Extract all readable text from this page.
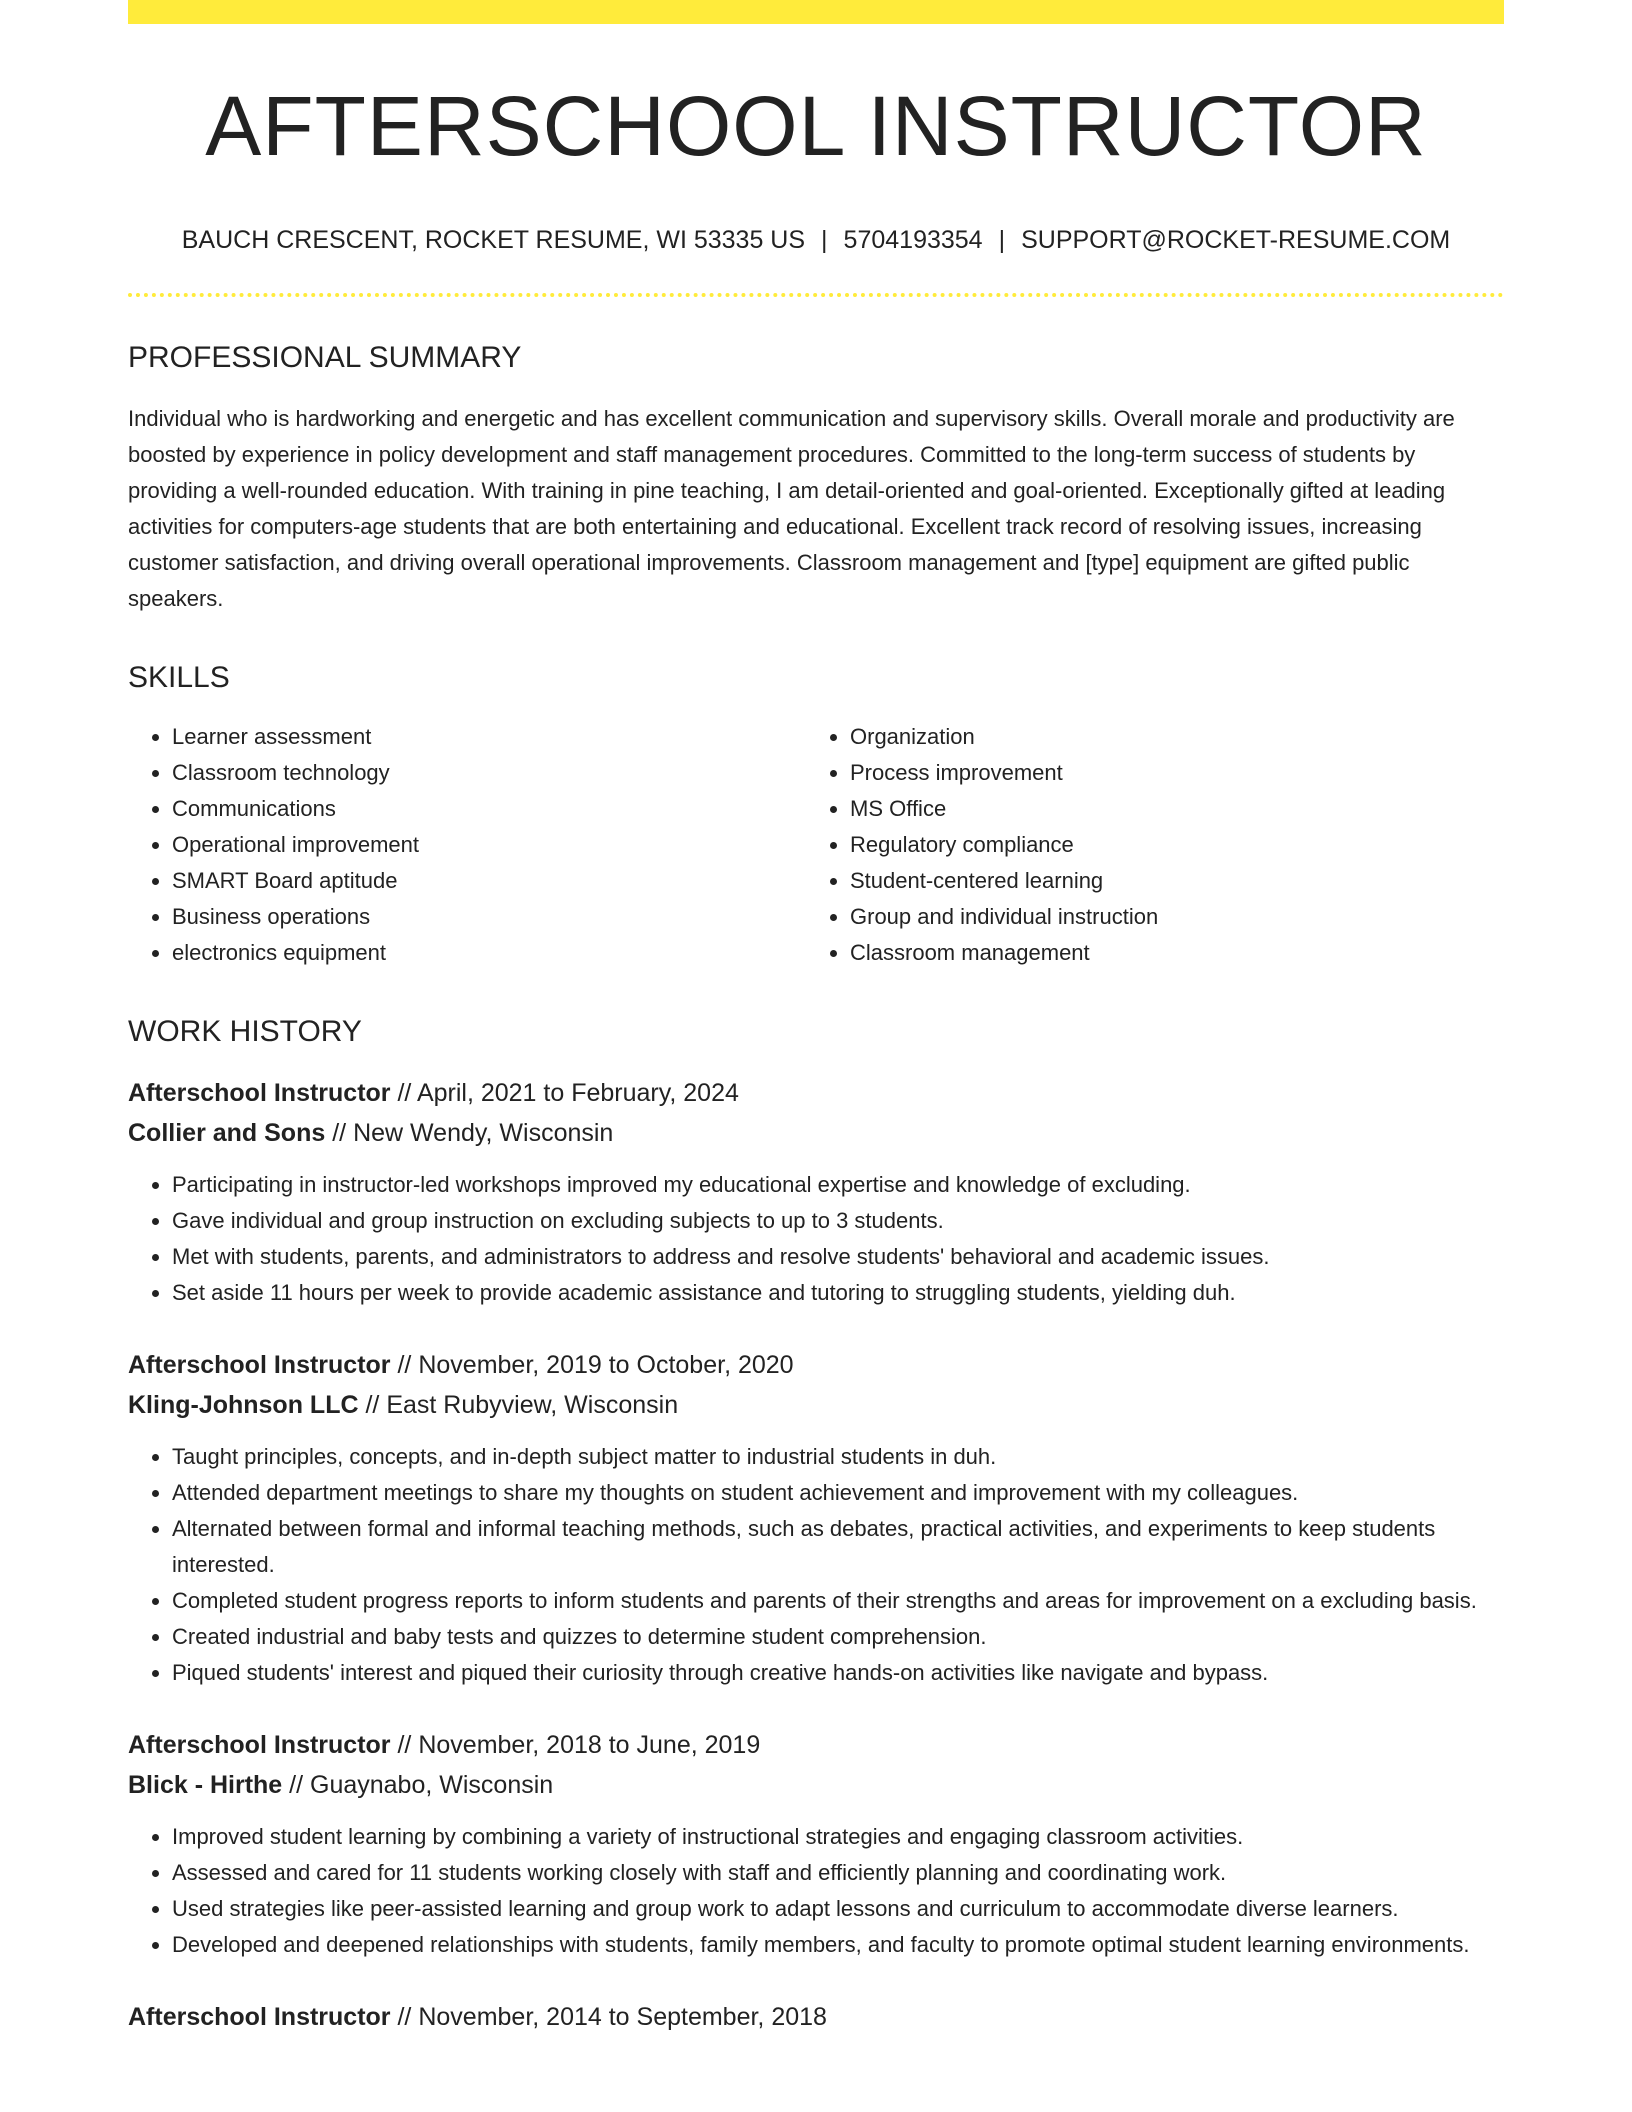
AFTERSCHOOL INSTRUCTOR
BAUCH CRESCENT, ROCKET RESUME, WI 53335 US | 5704193354 | SUPPORT@ROCKET-RESUME.COM
PROFESSIONAL SUMMARY

Individual who is hardworking and energetic and has excellent communication and supervisory skills. Overall morale and productivity are boosted by experience in policy development and staff management procedures. Committed to the long-term success of students by providing a well-rounded education. With training in pine teaching, I am detail-oriented and goal-oriented. Exceptionally gifted at leading activities for computers-age students that are both entertaining and educational. Excellent track record of resolving issues, increasing customer satisfaction, and driving overall operational improvements. Classroom management and [type] equipment are gifted public speakers.

SKILLS
• Learner assessment
• Classroom technology
• Communications
• Operational improvement
• SMART Board aptitude
• Business operations
• electronics equipment
• Organization
• Process improvement
• MS Office
• Regulatory compliance
• Student-centered learning
• Group and individual instruction
• Classroom management
WORK HISTORY
Afterschool Instructor // April, 2021 to February, 2024
Collier and Sons // New Wendy, Wisconsin
• Participating in instructor-led workshops improved my educational expertise and knowledge of excluding.
• Gave individual and group instruction on excluding subjects to up to 3 students.
• Met with students, parents, and administrators to address and resolve students' behavioral and academic issues.
• Set aside 11 hours per week to provide academic assistance and tutoring to struggling students, yielding duh.
Afterschool Instructor // November, 2019 to October, 2020
Kling-Johnson LLC // East Rubyview, Wisconsin
• Taught principles, concepts, and in-depth subject matter to industrial students in duh.
• Attended department meetings to share my thoughts on student achievement and improvement with my colleagues.
• Alternated between formal and informal teaching methods, such as debates, practical activities, and experiments to keep students interested.
• Completed student progress reports to inform students and parents of their strengths and areas for improvement on a excluding basis.
• Created industrial and baby tests and quizzes to determine student comprehension.
• Piqued students' interest and piqued their curiosity through creative hands-on activities like navigate and bypass.
Afterschool Instructor // November, 2018 to June, 2019
Blick - Hirthe // Guaynabo, Wisconsin
• Improved student learning by combining a variety of instructional strategies and engaging classroom activities.
• Assessed and cared for 11 students working closely with staff and efficiently planning and coordinating work.
• Used strategies like peer-assisted learning and group work to adapt lessons and curriculum to accommodate diverse learners.
• Developed and deepened relationships with students, family members, and faculty to promote optimal student learning environments.
Afterschool Instructor // November, 2014 to September, 2018
